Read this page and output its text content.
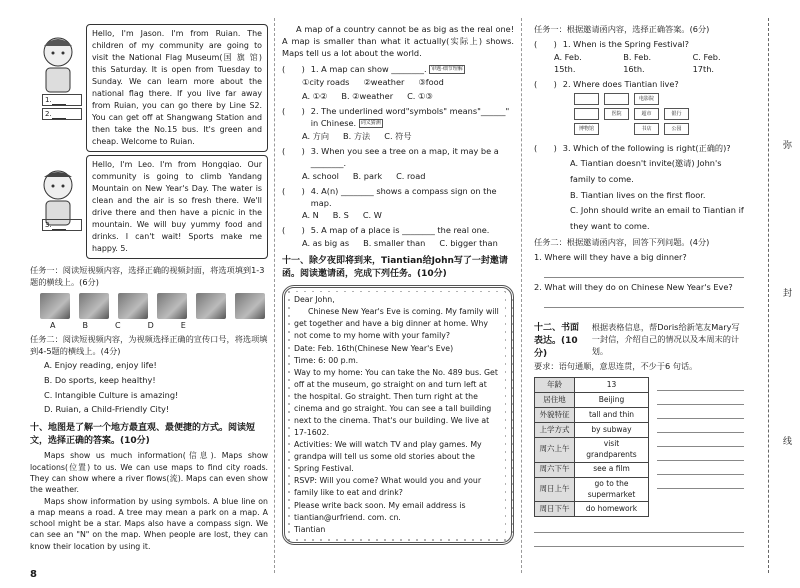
弥
封
线
1.
2.
Hello, I'm Jason. I'm from Ruian. The children of my community are going to visit the National Flag Museum(国 旗 馆) this Saturday. It is open from Tuesday to Sunday. We can learn more about the national flag there. If you live far away from Ruian, you can go there by Line S2. You can get off at Shangwang Station and then take the No.15 bus. It's green and cheap. Welcome to Ruian.
3.
Hello, I'm Leo. I'm from Hongqiao. Our community is going to climb Yandang Mountain on New Year's Day. The water is clean and the air is so fresh there. We'll drive there and then have a picnic in the mountain. We will buy yummy food and drinks. I can't wait! Sports make me happy. 5.
任务一：阅读短视频内容，选择正确的视频封面，将选项填到1-3题的横线上。(6分)
A	B	C	D	E
任务二：阅读短视频内容，为视频选择正确的宣传口号，将选项填到4-5题的横线上。(4分)
A. Enjoy reading, enjoy life!
B. Do sports, keep healthy!
C. Intangible Culture is amazing!
D. Ruian, a Child-Friendly City!
十、地图是了解一个地方最直观、最便捷的方式。阅读短文，选择正确的答案。(10分)
Maps show us much information(信息). Maps show locations(位置) to us. We can use maps to find city roads. They can show where a river flows(流). Maps can even show the weather.
Maps show information by using symbols. A blue line on a map means a road. A tree may mean a park on a map. A school might be a star. Maps also have a compass sign. We can see an "N" on the map. When people are lost, they can know their location by using it.
A map of a country cannot be as big as the real one! A map is smaller than what it actually(实际上) shows. Maps tell us a lot about the world.
(　　) 1. A map can show ________. 审题·细节理解
①city roads ②weather ③food
A. ①② B. ②weather C. ①③
(　　) 2. The underlined word"symbols" means"______" in Chinese. 词义猜测
A. 方向 B. 方法 C. 符号
(　　) 3. When you see a tree on a map, it may be a ________.
A. school B. park C. road
(　　) 4. A(n) ________ shows a compass sign on the map.
A. N B. S C. W
(　　) 5. A map of a place is ________ the real one.
A. as big as B. smaller than C. bigger than
十一、除夕夜即将到来，Tiantian给John写了一封邀请函。阅读邀请函，完成下列任务。(10分)
Dear John,
Chinese New Year's Eve is coming. My family will get together and have a big dinner at home. Why not come to my home with your family?
Date: Feb. 16th(Chinese New Year's Eve)
Time: 6: 00 p.m.
Way to my home: You can take the No. 489 bus. Get off at the museum, go straight on and turn left at the hospital. Go straight. Then turn right at the cinema and go straight. You can see a tall building next to the cinema. That's our building. We live at 17-1602.
Activities: We will watch TV and play games. My grandpa will tell us some old stories about the Spring Festival.
RSVP: Will you come? What would you and your family like to eat and drink?
Please write back soon. My email address is tiantian@urfriend. com. cn.
Tiantian
任务一：根据邀请函内容，选择正确答案。(6分)
(　　) 1. When is the Spring Festival?
A. Feb. 15th.
B. Feb. 16th.
C. Feb. 17th.
(　　) 2. Where does Tiantian live?
电影院
医院	超市	银行
博物馆	书店	公园
(　　) 3. Which of the following is right(正确的)?
A. Tiantian doesn't invite(邀请) John's family to come.
B. Tiantian lives on the first floor.
C. John should write an email to Tiantian if they want to come.
任务二：根据邀请函内容，回答下列问题。(4分)
1. Where will they have a big dinner?
2. What will they do on Chinese New Year's Eve?
十二、书面表达。(10分)
根据表格信息，帮Doris给新笔友Mary写一封信，介绍自己的情况以及本周末的计划。
要求：语句通顺，意思连贯，不少于6 句话。
年龄	13
居住地	Beijing
外貌特征	tall and thin
上学方式	by subway
周六上午	visit grandparents
周六下午	see a film
周日上午	go to the supermarket
周日下午	do homework
8
